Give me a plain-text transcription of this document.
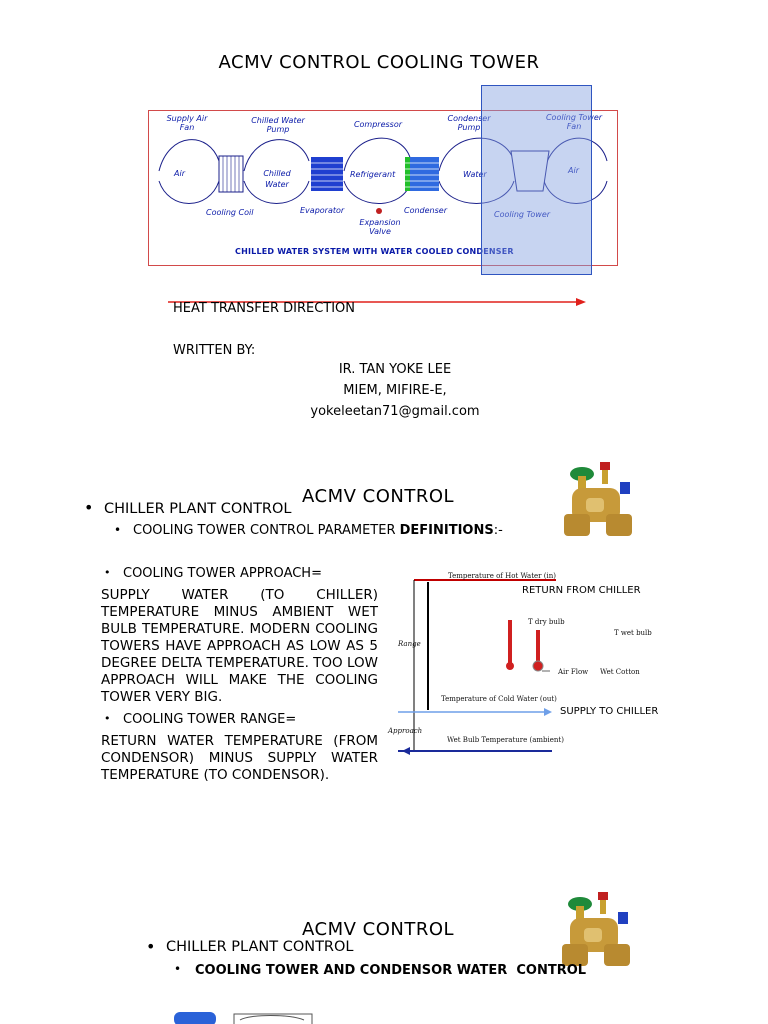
ACMV CONTROL COOLING TOWER
Supply Air
Fan
Chilled Water
Pump
Compressor
Condenser
Pump
Cooling Tower
Fan
Air	Chilled
Water
Refrigerant	Water	Air
Cooling Coil	Evaporator
Expansion
Valve
Condenser	Cooling Tower
CHILLED WATER SYSTEM WITH WATER COOLED CONDENSER
HEAT TRANSFER DIRECTION
WRITTEN BY:
IR. TAN YOKE LEE
MIEM, MIFIRE-E,
yokeleetan71@gmail.com
ACMV CONTROL
• CHILLER PLANT CONTROL
• COOLING TOWER CONTROL PARAMETER DEFINITIONS:-
• COOLING TOWER APPROACH=
SUPPLY WATER (TO CHILLER) TEMPERATURE MINUS AMBIENT WET BULB TEMPERATURE. MODERN COOLING TOWERS HAVE APPROACH AS LOW AS 5 DEGREE DELTA TEMPERATURE. TOO LOW APPROACH WILL MAKE THE COOLING TOWER VERY BIG.
• COOLING TOWER RANGE=
RETURN WATER TEMPERATURE (FROM CONDENSOR) MINUS SUPPLY WATER TEMPERATURE (TO CONDENSOR).
Temperature of Hot Water (in)
RETURN FROM CHILLER
T dry bulb
T wet bulb
Range
Air Flow Wet Cotton
Temperature of Cold Water (out)
SUPPLY TO CHILLER
Approach
Wet Bulb Temperature (ambient)
ACMV CONTROL
• CHILLER PLANT CONTROL
• COOLING TOWER AND CONDENSOR WATER  CONTROL
